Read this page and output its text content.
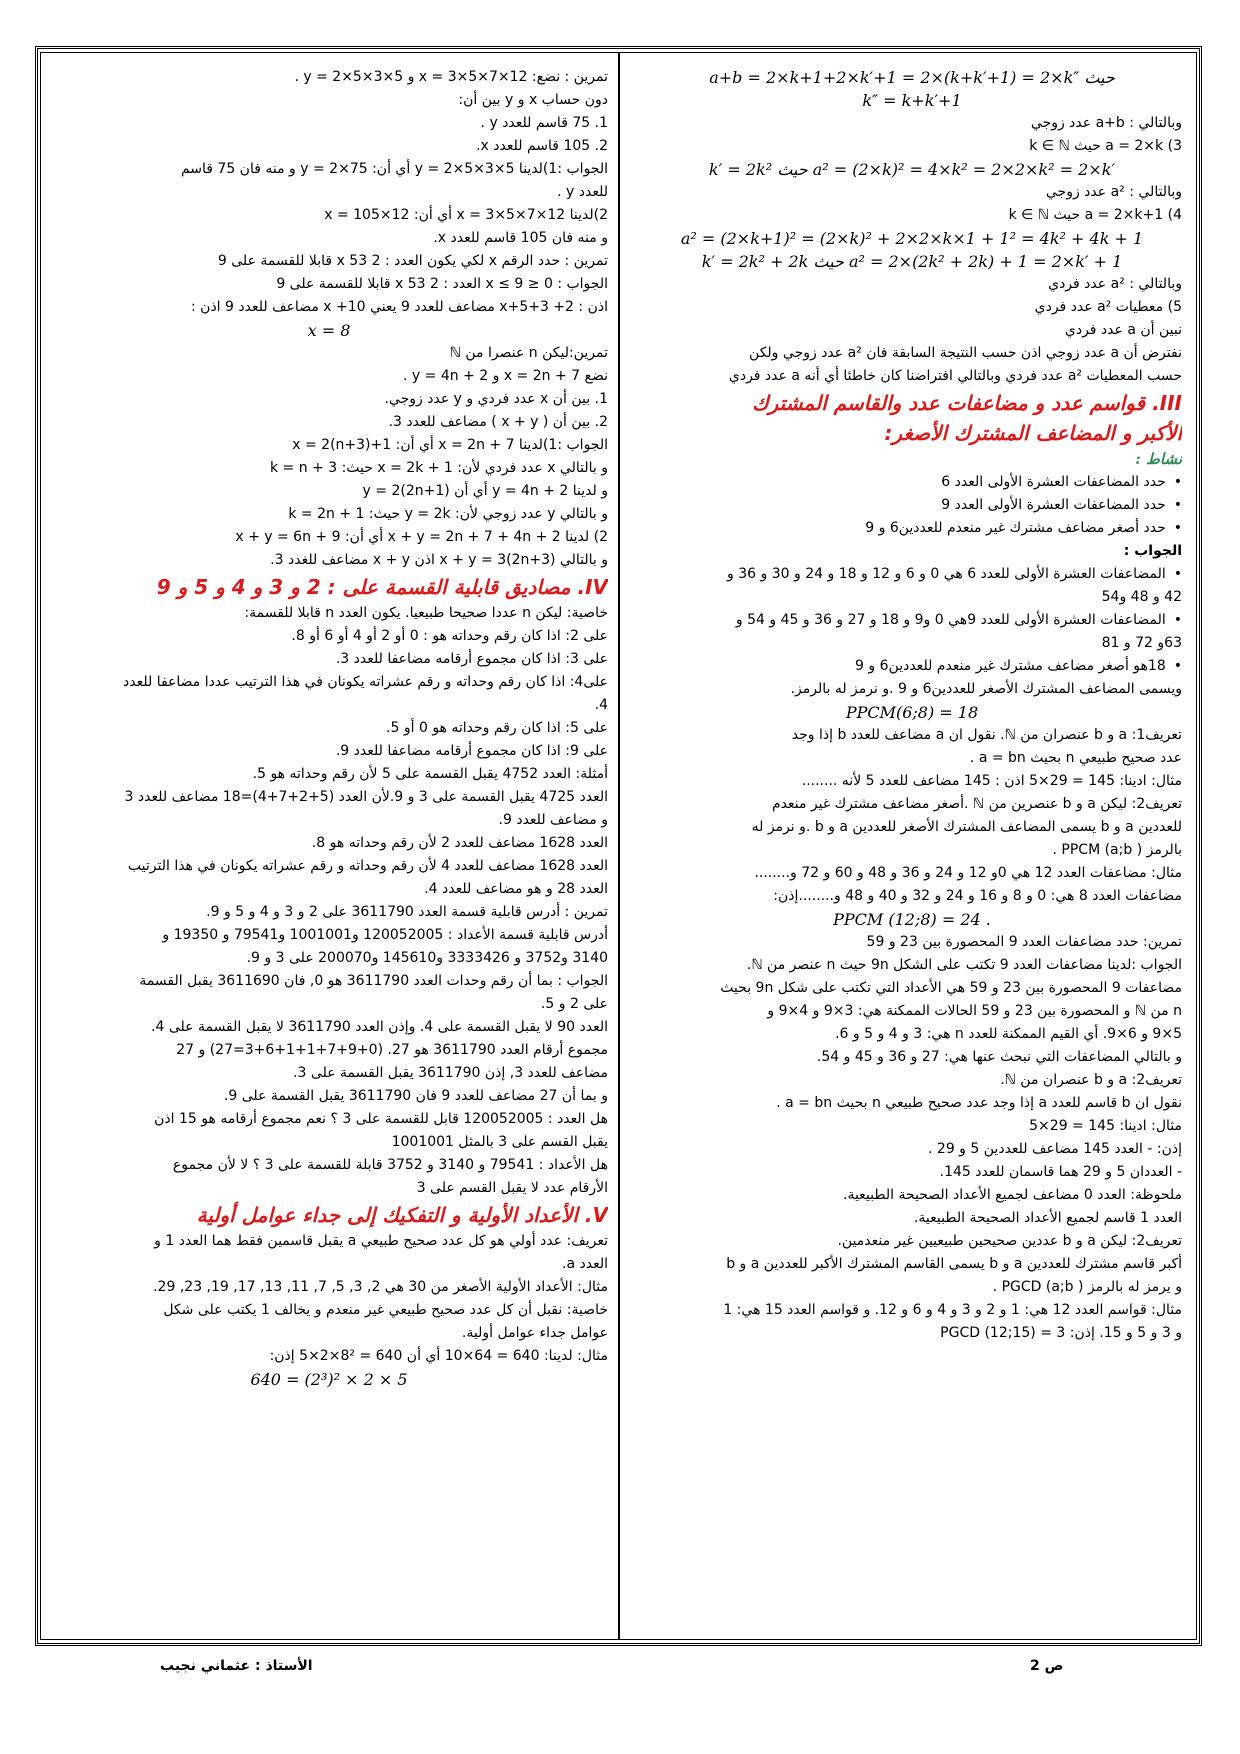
a+b = 2×k+1+2×k′+1 = 2×(k+k′+1) = 2×k″ حيث
k″ = k+k′+1
وبالتالي : a+b عدد زوجي
3) a = 2×k حيث k ∈ ℕ
k′ = 2k² حيث a² = (2×k)² = 4×k² = 2×2×k² = 2×k′
وبالتالي : a² عدد زوجي
4) a = 2×k+1 حيث k ∈ ℕ
a² = (2×k+1)² = (2×k)² + 2×2×k×1 + 1² = 4k² + 4k + 1
k′ = 2k² + 2k حيث a² = 2×(2k² + 2k) + 1 = 2×k′ + 1
وبالتالي : a² عدد فردي
5) معطيات a² عدد فردي
نبين أن a عدد فردي
نفترض أن a عدد زوجي اذن حسب النتيجة السابقة فان a² عدد زوجي ولكن
حسب المعطيات a² عدد فردي وبالتالي افتراضنا كان خاطئا أي أنه a عدد فردي
III. قواسم عدد و مضاعفات عدد والقاسم المشترك
الأكبر و المضاعف المشترك الأصغر:
نشاط :
• حدد المضاعفات العشرة الأولى العدد 6
• حدد المضاعفات العشرة الأولى العدد 9
• حدد أصغر مضاعف مشترك غير منعدم للعددين6 و 9
الجواب :
• المضاعفات العشرة الأولى للعدد 6 هي 0 و 6 و 12 و 18 و 24 و 30 و 36 و
42 و 48 و54
• المضاعفات العشرة الأولى للعدد 9هي 0 و9 و 18 و 27 و 36 و 45 و 54 و
63و 72 و 81
• 18هو أصغر مضاعف مشترك غير منعدم للعددين6 و 9
ويسمى المضاعف المشترك الأصغر للعددين6 و 9 .و نرمز له بالرمز.
PPCM(6;8) = 18
تعريف1: a و b عنصران من ℕ. نقول ان a مضاعف للعدد b إذا وجد
عدد صحيح طبيعي n بحيث a = bn .
مثال: ادينا: 145 = 29×5 اذن : 145 مضاعف للعدد 5 لأنه ........
تعريف2: ليكن a و b عنصرين من ℕ .أصغر مضاعف مشترك غير منعدم
للعددين a و b يسمى المضاعف المشترك الأصغر للعددين a و b .و نرمز له
بالرمز ( PPCM (a;b .
مثال: مضاعفات العدد 12 هي 0و 12 و 24 و 36 و 48 و 60 و 72 و........
مضاعفات العدد 8 هي: 0 و 8 و 16 و 24 و 32 و 40 و 48 و........إذن:
PPCM (12;8) = 24 .
تمرين: حدد مضاعفات العدد 9 المحصورة بين 23 و 59
الجواب :لدينا مضاعفات العدد 9 تكتب على الشكل 9n حيث n عنصر من ℕ.
مضاعفات 9 المحصورة بين 23 و 59 هي الأعداد التي تكتب على شكل 9n بحيث
n من ℕ و المحصورة بين 23 و 59 الحالات الممكنة هي: 3×9 و 4×9 و
5×9 و 6×9. أي القيم الممكنة للعدد n هي: 3 و 4 و 5 و 6.
و بالتالي المضاعفات التي نبحث عنها هي: 27 و 36 و 45 و 54.
تعريف2: a و b عنصران من ℕ.
نقول ان b قاسم للعدد a إذا وجد عدد صحيح طبيعي n بحيث a = bn .
مثال: ادينا: 145 = 29×5
إذن: - العدد 145 مضاعف للعددين 5 و 29 .
- العددان 5 و 29 هما قاسمان للعدد 145.
ملحوظة: العدد 0 مضاعف لجميع الأعداد الصحيحة الطبيعية.
العدد 1 قاسم لجميع الأعداد الصحيحة الطبيعية.
تعريف2: ليكن a و b عددين صحيحين طبيعيين غير منعدمين.
أكبر قاسم مشترك للعددين a و b يسمى القاسم المشترك الأكبر للعددين a و b
و يرمز له بالرمز ( PGCD (a;b .
مثال: قواسم العدد 12 هي: 1 و 2 و 3 و 4 و 6 و 12. و قواسم العدد 15 هي: 1
و 3 و 5 و 15. إذن: PGCD (12;15) = 3
تمرين : نضع: x = 3×5×7×12 و y = 2×5×3×5 .
دون حساب x و y بين أن:
1. 75 قاسم للعدد y .
2. 105 قاسم للعدد x.
الجواب :1)لدينا y = 2×5×3×5 أي أن: y = 2×75 و منه فان 75 قاسم
للعدد y .
2)لدينا x = 3×5×7×12 أي أن: x = 105×12
و منه فان 105 قاسم للعدد x.
تمرين : حدد الرقم x لكي يكون العدد : 2 x 53 قابلا للقسمة على 9
الجواب : 0 ≤ x ≤ 9 العدد : 2 x 53 قابلا للقسمة على 9
اذن : 2+ x+5+3 مضاعف للعدد 9 يعني x +10 مضاعف للعدد 9 اذن :
x = 8
تمرين:ليكن n عنصرا من ℕ
نضع x = 2n + 7 و y = 4n + 2 .
1. بين أن x عدد فردي و y عدد زوجي.
2. بين أن ( x + y ) مضاعف للعدد 3.
الجواب :1)لدينا x = 2n + 7 أي أن: x = 2(n+3)+1
و بالتالي x عدد فردي لأن: x = 2k + 1 حيث: k = n + 3
و لدينا y = 4n + 2 أي أن y = 2(2n+1)
و بالتالي y عدد زوجي لأن: y = 2k حيث: k = 2n + 1
2) لدينا x + y = 2n + 7 + 4n + 2 أي أن: x + y = 6n + 9
و بالتالي x + y = 3(2n+3) اذن x + y مضاعف للغدد 3.
IV. مصاديق قابلية القسمة على : 2 و 3 و 4 و 5 و 9
خاصية: ليكن n عددا صحيحا طبيعيا. يكون العدد n قابلا للقسمة:
على 2: اذا كان رقم وحداته هو : 0 أو 2 أو 4 أو 6 أو 8.
على 3: اذا كان مجموع أرقامه مضاعفا للعدد 3.
على4: اذا كان رقم وحداته و رقم عشراته يكونان في هذا الترتيب عددا مضاعفا للعدد
4.
على 5: اذا كان رقم وحداته هو 0 أو 5.
على 9: اذا كان مجموع أرقامه مضاعفا للعدد 9.
أمثلة: العدد 4752 يقبل القسمة على 5 لأن رقم وحداته هو 5.
العدد 4725 يقبل القسمة على 3 و 9.لأن العدد (5+2+7+4)=18 مضاعف للعدد 3
و مضاعف للعدد 9.
العدد 1628 مضاعف للعدد 2 لأن رقم وحداته هو 8.
العدد 1628 مضاعف للعدد 4 لأن رقم وحداته و رقم عشراته يكونان في هذا الترتيب
العدد 28 و هو مضاعف للعدد 4.
تمرين : أدرس قابلية قسمة العدد 3611790 على 2 و 3 و 4 و 5 و 9.
أدرس قابلية قسمة الأعداد : 120052005 و1001001 و79541 و 19350 و
3140 و3752 و 3333426 و145610 و200070 على 3 و 9.
الجواب : بما أن رقم وحدات العدد 3611790 هو 0, فان 3611690 يقبل القسمة
على 2 و 5.
العدد 90 لا يقبل القسمة على 4. وإذن العدد 3611790 لا يقبل القسمة على 4.
مجموع أرقام العدد 3611790 هو 27. (0+9+7+1+1+6+3=27) و 27
مضاعف للعدد 3, إذن 3611790 يقبل القسمة على 3.
و بما أن 27 مضاعف للعدد 9 فان 3611790 يقبل القسمة على 9.
هل العدد : 120052005 قابل للقسمة على 3 ؟ نعم مجموع أرقامه هو 15 اذن
يقبل القسم على 3 بالمثل 1001001
هل الأعداد : 79541 و 3140 و 3752 قابلة للقسمة على 3 ؟ لا لأن مجموع
الأرقام عدد لا يقبل القسم على 3
V. الأعداد الأولية و التفكيك إلى جداء عوامل أولية
تعريف: عدد أولي هو كل عدد صحيح طبيعي a يقبل قاسمين فقط هما العدد 1 و
العدد a.
مثال: الأعداد الأولية الأصغر من 30 هي 2, 3, 5, 7, 11, 13, 17, 19, 23, 29.
خاصية: نقبل أن كل عدد صحيح طبيعي غير منعدم و يخالف 1 يكتب على شكل
عوامل جداء عوامل أولية.
مثال: لدينا: 640 = 64×10 أي أن 640 = 8²×2×5 إذن:
640 = (2³)² × 2 × 5
ص 2
الأستاذ : عثماني نجيب
